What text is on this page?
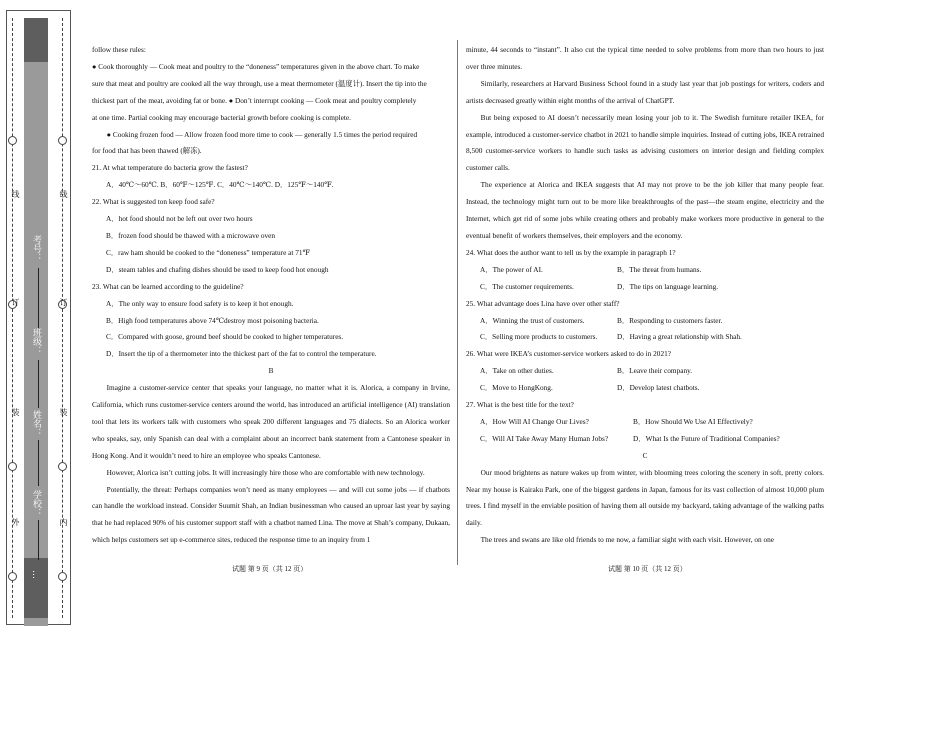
线
订
装
外
线
订
装
内
考号：
班级：
姓名：
学校：
…

follow these rules:

● Cook thoroughly — Cook meat and poultry to the “doneness” temperatures given in the above chart. To make

sure that meat and poultry are cooked all the way through, use a meat thermometer (温度计). Insert the tip into the

thickest part of the meat, avoiding fat or bone. ● Don’t interrupt cooking — Cook meat and poultry completely

at one time. Partial cooking may encourage bacterial growth before cooking is complete.

● Cooking frozen food — Allow frozen food more time to cook — generally 1.5 times the period required

for food that has been thawed (解冻).

21. At what temperature do bacteria grow the fastest?

A．40℃～60℃. B．60℉～125℉. C．40℃～140℃. D．125℉～140℉.

22. What is suggested ton keep food safe?

A．hot food should not be left out over two hours

B．frozen food should be thawed with a microwave oven

C．raw ham should be cooked to the “doneness” temperature at 71℉

D．steam tables and chafing dishes should be used to keep food hot enough

23. What can be learned according to the guideline?

A．The only way to ensure food safety is to keep it hot enough.

B．High food temperatures above 74℃destroy most poisoning bacteria.

C．Compared with goose, ground beef should be cooked to higher temperatures.

D．Insert the tip of a thermometer into the thickest part of the fat to control the temperature.

B

Imagine a customer-service center that speaks your language, no matter what it is. Alorica, a company in Irvine, California, which runs customer-service centers around the world, has introduced an artificial intelligence (AI) translation tool that lets its workers talk with customers who speak 200 different languages and 75 dialects. So an Alorica worker who speaks, say, only Spanish can deal with a complaint about an incorrect bank statement from a Cantonese speaker in Hong Kong. And it wouldn’t need to hire an employee who speaks Cantonese.

However, Alorica isn’t cutting jobs. It will increasingly hire those who are comfortable with new technology.

Potentially, the threat: Perhaps companies won’t need as many employees — and will cut some jobs — if chatbots can handle the workload instead. Consider Suumit Shah, an Indian businessman who caused an uproar last year by saying that he had replaced 90% of his customer support staff with a chatbot named Lina. The move at Shah’s company, Dukaan, which helps customers set up e-commerce sites, reduced the response time to an inquiry from 1

minute, 44 seconds to “instant”. It also cut the typical time needed to solve problems from more than two hours to just over three minutes.

Similarly, researchers at Harvard Business School found in a study last year that job postings for writers, coders and artists decreased greatly within eight months of the arrival of ChatGPT.

But being exposed to AI doesn’t necessarily mean losing your job to it. The Swedish furniture retailer IKEA, for example, introduced a customer-service chatbot in 2021 to handle simple inquiries. Instead of cutting jobs, IKEA retrained 8,500 customer-service workers to handle such tasks as advising customers on interior design and fielding complex customer calls.

The experience at Alorica and IKEA suggests that AI may not prove to be the job killer that many people fear. Instead, the technology might turn out to be more like breakthroughs of the past—the steam engine, electricity and the Internet, which get rid of some jobs while creating others and probably make workers more productive in general to the eventual benefit of workers themselves, their employers and the economy.

24. What does the author want to tell us by the example in paragraph 1?

A．The power of AI.	B．The threat from humans.

C．The customer requirements.	D．The tips on language learning.

25. What advantage does Lina have over other staff?

A．Winning the trust of customers.	B．Responding to customers faster.

C．Selling more products to customers.	D．Having a great relationship with Shah.

26. What were IKEA’s customer-service workers asked to do in 2021?

A．Take on other duties.	B．Leave their company.

C．Move to HongKong.	D．Develop latest chatbots.

27. What is the best title for the text?

A．How Will AI Change Our Lives?	B．How Should We Use AI Effectively?

C．Will AI Take Away Many Human Jobs?	D．What Is the Future of Traditional Companies?

C

Our mood brightens as nature wakes up from winter, with blooming trees coloring the scenery in soft, pretty colors. Near my house is Kairaku Park, one of the biggest gardens in Japan, famous for its vast collection of almost 10,000 plum trees. I find myself in the enviable position of having them all outside my backyard, taking advantage of the walking paths daily.

The trees and swans are like old friends to me now, a familiar sight with each visit. However, on one

试题 第 9 页（共 12 页）	试题 第 10 页（共 12 页）
